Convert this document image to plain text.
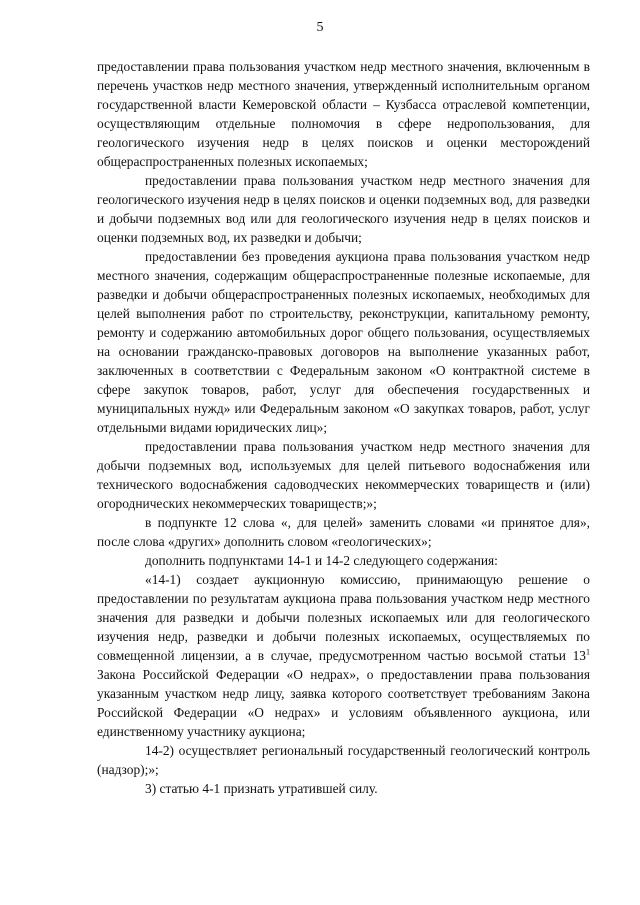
5

предоставлении права пользования участком недр местного значения, включенным в перечень участков недр местного значения, утвержденный исполнительным органом государственной власти Кемеровской области – Кузбасса отраслевой компетенции, осуществляющим отдельные полномочия в сфере недропользования, для геологического изучения недр в целях поисков и оценки месторождений общераспространенных полезных ископаемых;

предоставлении права пользования участком недр местного значения для геологического изучения недр в целях поисков и оценки подземных вод, для разведки и добычи подземных вод или для геологического изучения недр в целях поисков и оценки подземных вод, их разведки и добычи;

предоставлении без проведения аукциона права пользования участком недр местного значения, содержащим общераспространенные полезные ископаемые, для разведки и добычи общераспространенных полезных ископаемых, необходимых для целей выполнения работ по строительству, реконструкции, капитальному ремонту, ремонту и содержанию автомобильных дорог общего пользования, осуществляемых на основании гражданско-правовых договоров на выполнение указанных работ, заключенных в соответствии с Федеральным законом «О контрактной системе в сфере закупок товаров, работ, услуг для обеспечения государственных и муниципальных нужд» или Федеральным законом «О закупках товаров, работ, услуг отдельными видами юридических лиц»;

предоставлении права пользования участком недр местного значения для добычи подземных вод, используемых для целей питьевого водоснабжения или технического водоснабжения садоводческих некоммерческих товариществ и (или) огороднических некоммерческих товариществ;»;

в подпункте 12 слова «, для целей» заменить словами «и принятое для», после слова «других» дополнить словом «геологических»;

дополнить подпунктами 14-1 и 14-2 следующего содержания:

«14-1) создает аукционную комиссию, принимающую решение о предоставлении по результатам аукциона права пользования участком недр местного значения для разведки и добычи полезных ископаемых или для геологического изучения недр, разведки и добычи полезных ископаемых, осуществляемых по совмещенной лицензии, а в случае, предусмотренном частью восьмой статьи $13^1$ Закона Российской Федерации «О недрах», о предоставлении права пользования указанным участком недр лицу, заявка которого соответствует требованиям Закона Российской Федерации «О недрах» и условиям объявленного аукциона, или единственному участнику аукциона;

14-2) осуществляет региональный государственный геологический контроль (надзор);»;

3) статью 4-1 признать утратившей силу.
